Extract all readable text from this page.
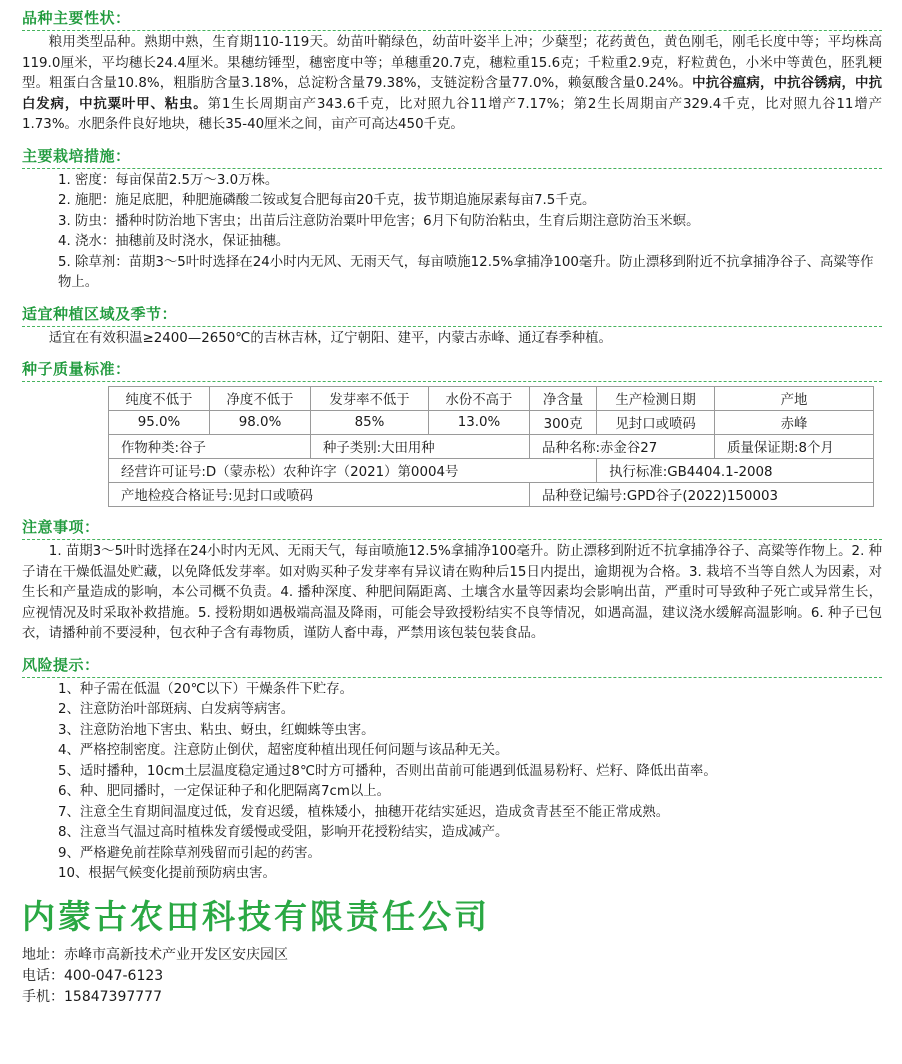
品种主要性状：

粮用类型品种。熟期中熟，生育期110-119天。幼苗叶鞘绿色，幼苗叶姿半上冲；少蘖型；花药黄色，黄色刚毛，刚毛长度中等；平均株高119.0厘米，平均穗长24.4厘米。果穗纺锤型，穗密度中等；单穗重20.7克，穗粒重15.6克；千粒重2.9克，籽粒黄色，小米中等黄色，胚乳粳型。粗蛋白含量10.8%，粗脂肪含量3.18%，总淀粉含量79.38%，支链淀粉含量77.0%，赖氨酸含量0.24%。中抗谷瘟病，中抗谷锈病，中抗白发病，中抗粟叶甲、粘虫。第1生长周期亩产343.6千克，比对照九谷11增产7.17%；第2生长周期亩产329.4千克，比对照九谷11增产1.73%。水肥条件良好地块，穗长35-40厘米之间，亩产可高达450千克。

主要栽培措施：
1. 密度：每亩保苗2.5万～3.0万株。
2. 施肥：施足底肥，种肥施磷酸二铵或复合肥每亩20千克，拔节期追施尿素每亩7.5千克。
3. 防虫：播种时防治地下害虫；出苗后注意防治粟叶甲危害；6月下旬防治粘虫，生育后期注意防治玉米螟。
4. 浇水：抽穗前及时浇水，保证抽穗。
5. 除草剂：苗期3～5叶时选择在24小时内无风、无雨天气，每亩喷施12.5%拿捕净100毫升。防止漂移到附近不抗拿捕净谷子、高粱等作物上。
适宜种植区域及季节：

适宜在有效积温≥2400—2650℃的吉林吉林，辽宁朝阳、建平，内蒙古赤峰、通辽春季种植。

种子质量标准：
纯度不低于	净度不低于	发芽率不低于	水份不高于	净含量	生产检测日期	产地
95.0%	98.0%	85%	13.0%	300克	见封口或喷码	赤峰
作物种类:谷子		种子类别:大田用种		品种名称:赤金谷27		质量保证期:8个月
经营许可证号:D（蒙赤松）农种许字（2021）第0004号					执行标准:GB4404.1-2008	
产地检疫合格证号:见封口或喷码				品种登记编号:GPD谷子(2022)150003		
注意事项：

1. 苗期3～5叶时选择在24小时内无风、无雨天气，每亩喷施12.5%拿捕净100毫升。防止漂移到附近不抗拿捕净谷子、高粱等作物上。2. 种子请在干燥低温处贮藏，以免降低发芽率。如对购买种子发芽率有异议请在购种后15日内提出，逾期视为合格。3. 栽培不当等自然人为因素，对生长和产量造成的影响，本公司概不负责。4. 播种深度、种肥间隔距离、土壤含水量等因素均会影响出苗，严重时可导致种子死亡或异常生长，应视情况及时采取补救措施。5. 授粉期如遇极端高温及降雨，可能会导致授粉结实不良等情况，如遇高温，建议浇水缓解高温影响。6. 种子已包衣，请播种前不要浸种，包衣种子含有毒物质，谨防人畜中毒，严禁用该包装包装食品。

风险提示：
1、种子需在低温（20℃以下）干燥条件下贮存。
2、注意防治叶部斑病、白发病等病害。
3、注意防治地下害虫、粘虫、蚜虫，红蜘蛛等虫害。
4、严格控制密度。注意防止倒伏，超密度种植出现任何问题与该品种无关。
5、适时播种，10cm土层温度稳定通过8℃时方可播种，否则出苗前可能遇到低温易粉籽、烂籽、降低出苗率。
6、种、肥同播时，一定保证种子和化肥隔离7cm以上。
7、注意全生育期间温度过低，发育迟缓，植株矮小，抽穗开花结实延迟，造成贪青甚至不能正常成熟。
8、注意当气温过高时植株发育缓慢或受阻，影响开花授粉结实，造成减产。
9、严格避免前茬除草剂残留而引起的药害。
10、根据气候变化提前预防病虫害。
内蒙古农田科技有限责任公司

地址：赤峰市高新技术产业开发区安庆园区

电话：400-047-6123

手机：15847397777
